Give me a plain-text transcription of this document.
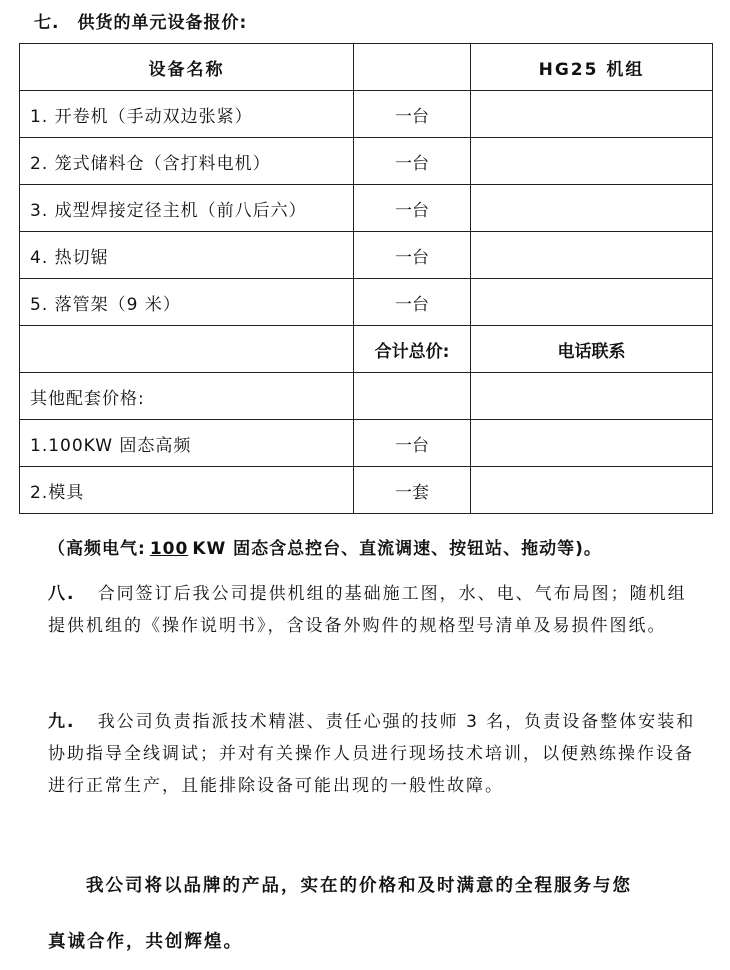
七.　供货的单元设备报价:
设备名称		HG25 机组
1. 开卷机（手动双边张紧）	一台	
2. 笼式储料仓（含打料电机）	一台	
3. 成型焊接定径主机（前八后六）	一台	
4. 热切锯	一台	
5. 落管架（9 米）	一台	
	合计总价:	电话联系
其他配套价格:		
1.100KW 固态高频	一台	
2.模具	一套	
（高频电气: 100 KW 固态含总控台、直流调速、按钮站、拖动等)。
八. 合同签订后我公司提供机组的基础施工图，水、电、气布局图；随机组提供机组的《操作说明书》，含设备外购件的规格型号清单及易损件图纸。
九. 我公司负责指派技术精湛、责任心强的技师 3 名，负责设备整体安装和协助指导全线调试；并对有关操作人员进行现场技术培训，以便熟练操作设备进行正常生产，且能排除设备可能出现的一般性故障。
我公司将以品牌的产品，实在的价格和及时满意的全程服务与您
真诚合作，共创辉煌。
